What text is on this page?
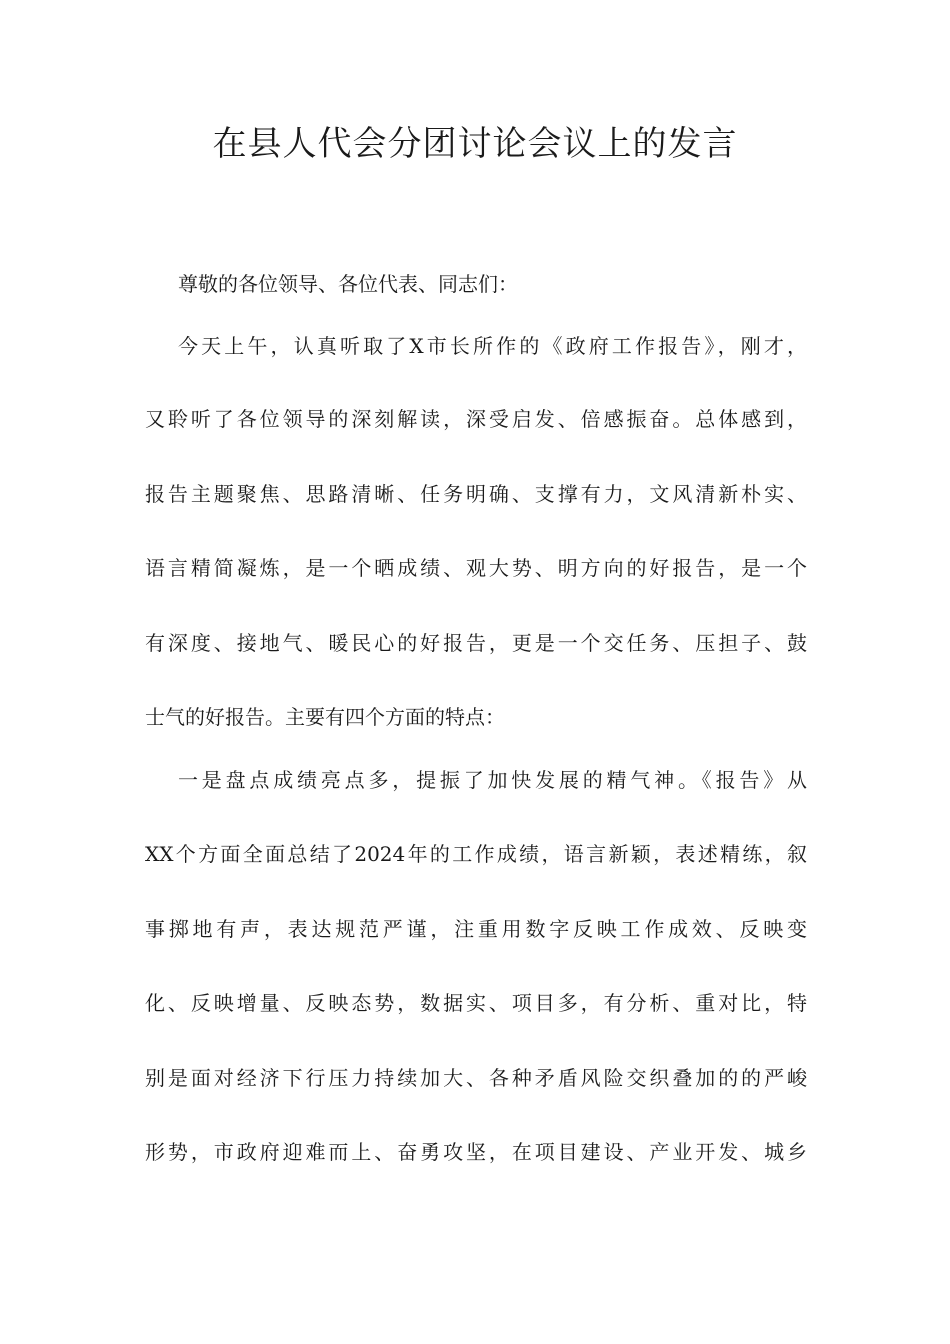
在县人代会分团讨论会议上的发言
尊敬的各位领导、各位代表、同志们：
今天上午，认真听取了X市长所作的《政府工作报告》，刚才，
又聆听了各位领导的深刻解读，深受启发、倍感振奋。总体感到，
报告主题聚焦、思路清晰、任务明确、支撑有力，文风清新朴实、
语言精简凝炼，是一个晒成绩、观大势、明方向的好报告，是一个
有深度、接地气、暖民心的好报告，更是一个交任务、压担子、鼓
士气的好报告。主要有四个方面的特点：
一是盘点成绩亮点多，提振了加快发展的精气神。《报告》从
XX个方面全面总结了2024年的工作成绩，语言新颖，表述精练，叙
事掷地有声，表达规范严谨，注重用数字反映工作成效、反映变
化、反映增量、反映态势，数据实、项目多，有分析、重对比，特
别是面对经济下行压力持续加大、各种矛盾风险交织叠加的的严峻
形势，市政府迎难而上、奋勇攻坚，在项目建设、产业开发、城乡
